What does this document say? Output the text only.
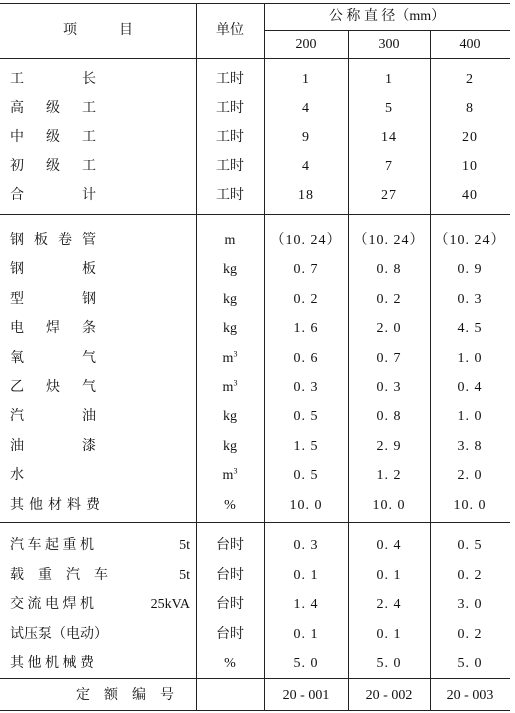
项　　　目	单位
公 称 直 径（mm）
200	300	400
工	长	工时	1	1	2
高 级 工	工时	4	5	8
中 级 工	工时	9	14	20
初 级 工	工时	4	7	10
合	计	工时	18	27	40
钢 板 卷 管	m	（10. 24） （10. 24） （10. 24）
钢	板	kg	0. 7	0. 8	0. 9
型	钢	kg	0. 2	0. 2	0. 3
电 焊 条	kg	1. 6	2. 0	4. 5
氧	气	$m^3$	0. 6	0. 7	1. 0
乙 炔 气	$m^3$	0. 3	0. 3	0. 4
汽	油	kg	0. 5	0. 8	1. 0
油	漆	kg	1. 5	2. 9	3. 8
水	$m^3$	0. 5	1. 2	2. 0
其他材料费	%	10. 0	10. 0	10. 0
汽 车 起 重 机	5t	台时	0. 3	0. 4	0. 5
载　重　汽　车	5t	台时	0. 1	0. 1	0. 2
交 流 电 焊 机	25kVA	台时	1. 4	2. 4	3. 0
试压泵（电动）	台时	0. 1	0. 1	0. 2
其 他 机 械 费	%	5. 0	5. 0	5. 0
定额编号	20 - 001	20 - 002	20 - 003
